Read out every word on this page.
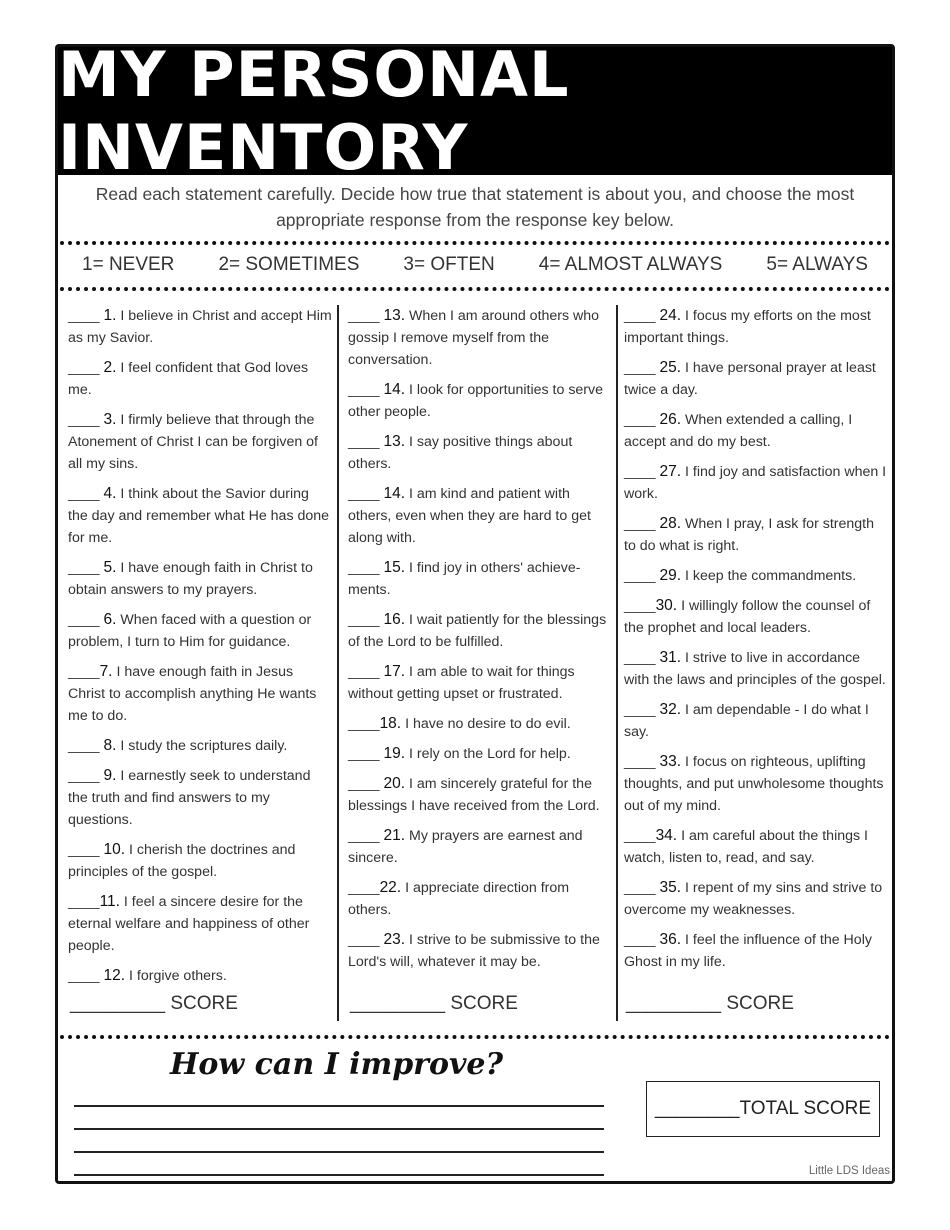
MY PERSONAL INVENTORY
Read each statement carefully. Decide how true that statement is about you, and choose the most appropriate response from the response key below.
1= NEVER 2= SOMETIMES 3= OFTEN 4= ALMOST ALWAYS 5= ALWAYS
____ 1. I believe in Christ and accept Him as my Savior.
____ 2. I feel confident that God loves me.
____ 3. I firmly believe that through the Atonement of Christ I can be forgiven of all my sins.
____ 4. I think about the Savior during the day and remember what He has done for me.
____ 5. I have enough faith in Christ to obtain answers to my prayers.
____ 6. When faced with a question or problem, I turn to Him for guidance.
____7. I have enough faith in Jesus Christ to accomplish anything He wants me to do.
____ 8. I study the scriptures daily.
____ 9. I earnestly seek to understand the truth and find answers to my questions.
____ 10. I cherish the doctrines and principles of the gospel.
____11. I feel a sincere desire for the eternal welfare and happiness of other people.
____ 12. I forgive others.
____ 13. When I am around others who gossip I remove myself from the conversation.
____ 14. I look for opportunities to serve other people.
____ 13. I say positive things about others.
____ 14. I am kind and patient with others, even when they are hard to get along with.
____ 15. I find joy in others' achieve-ments.
____ 16. I wait patiently for the blessings of the Lord to be fulfilled.
____ 17. I am able to wait for things without getting upset or frustrated.
____18. I have no desire to do evil.
____ 19. I rely on the Lord for help.
____ 20. I am sincerely grateful for the blessings I have received from the Lord.
____ 21. My prayers are earnest and sincere.
____22. I appreciate direction from others.
____ 23. I strive to be submissive to the Lord's will, whatever it may be.
____ 24. I focus my efforts on the most important things.
____ 25. I have personal prayer at least twice a day.
____ 26. When extended a calling, I accept and do my best.
____ 27. I find joy and satisfaction when I work.
____ 28. When I pray, I ask for strength to do what is right.
____ 29. I keep the commandments.
____30. I willingly follow the counsel of the prophet and local leaders.
____ 31. I strive to live in accordance with the laws and principles of the gospel.
____ 32. I am dependable - I do what I say.
____ 33. I focus on righteous, uplifting thoughts, and put unwholesome thoughts out of my mind.
____34. I am careful about the things I watch, listen to, read, and say.
____ 35. I repent of my sins and strive to overcome my weaknesses.
____ 36. I feel the influence of the Holy Ghost in my life.
_________ SCORE	_________ SCORE	_________ SCORE
How can I improve?
________TOTAL SCORE
Little LDS Ideas
